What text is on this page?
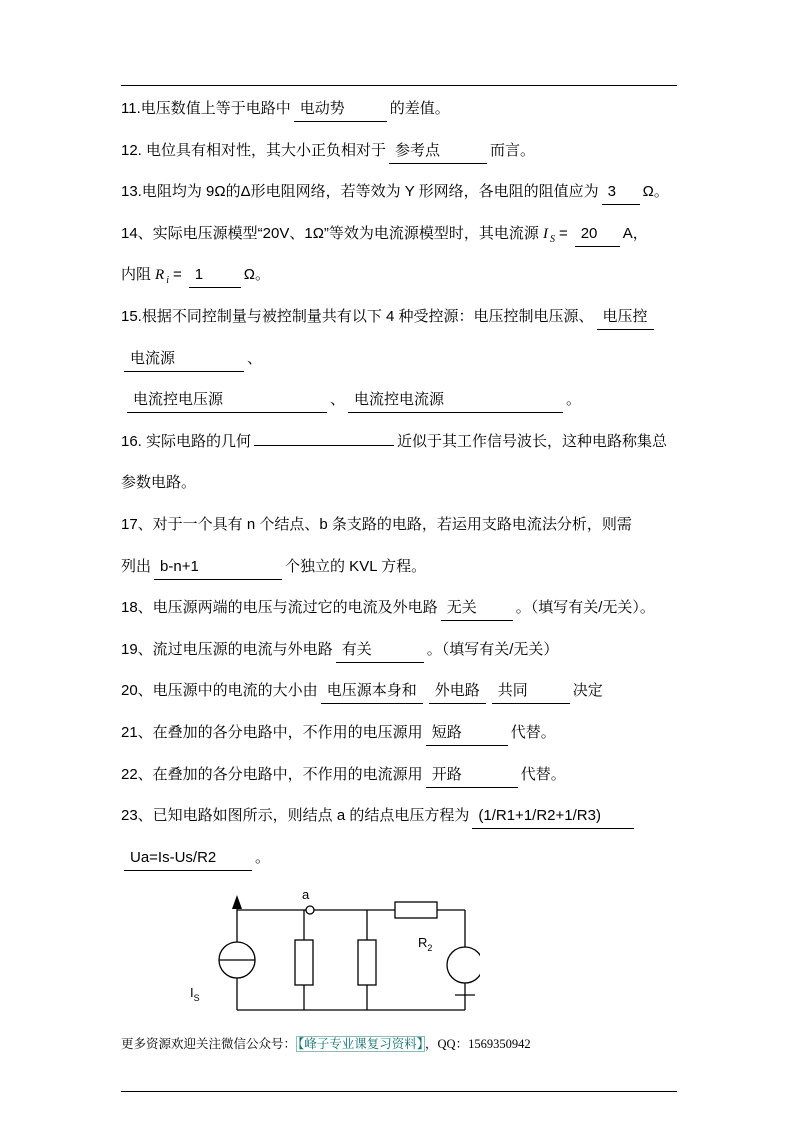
11.电压数值上等于电路中 电动势	的差值。
12. 电位具有相对性，其大小正负相对于 参考点	而言。
13.电阻均为 9Ω的Δ形电阻网络，若等效为 Y 形网络，各电阻的阻值应为 3 Ω。
14、实际电压源模型“20V、1Ω”等效为电流源模型时，其电流源 I $_S$ = 20 A，
内阻 R $_i$ = 1	Ω。
15.根据不同控制量与被控制量共有以下 4 种受控源：电压控制电压源、 电压控
电流源	、
电流控电压源	、 电流控电流源	。
16. 实际电路的几何	近似于其工作信号波长，这种电路称集总
参数电路。
17、对于一个具有 n 个结点、b 条支路的电路，若运用支路电流法分析，则需
列出 b-n+1	个独立的 KVL 方程。
18、电压源两端的电压与流过它的电流及外电路 无关	。（填写有关/无关）。
19、流过电压源的电流与外电路 有关	。（填写有关/无关）
20、电压源中的电流的大小由 电压源本身和 外电路 共同	决定
21、在叠加的各分电路中，不作用的电压源用 短路	代替。
22、在叠加的各分电路中，不作用的电流源用 开路	代替。
23、已知电路如图所示，则结点 a 的结点电压方程为 (1/R1+1/R2+1/R3)
Ua=Is-Us/R2	。
a
$R_2$
$I_S$
更多资源欢迎关注微信公众号： 【峰子专业课复习资料】 ，QQ：1569350942
